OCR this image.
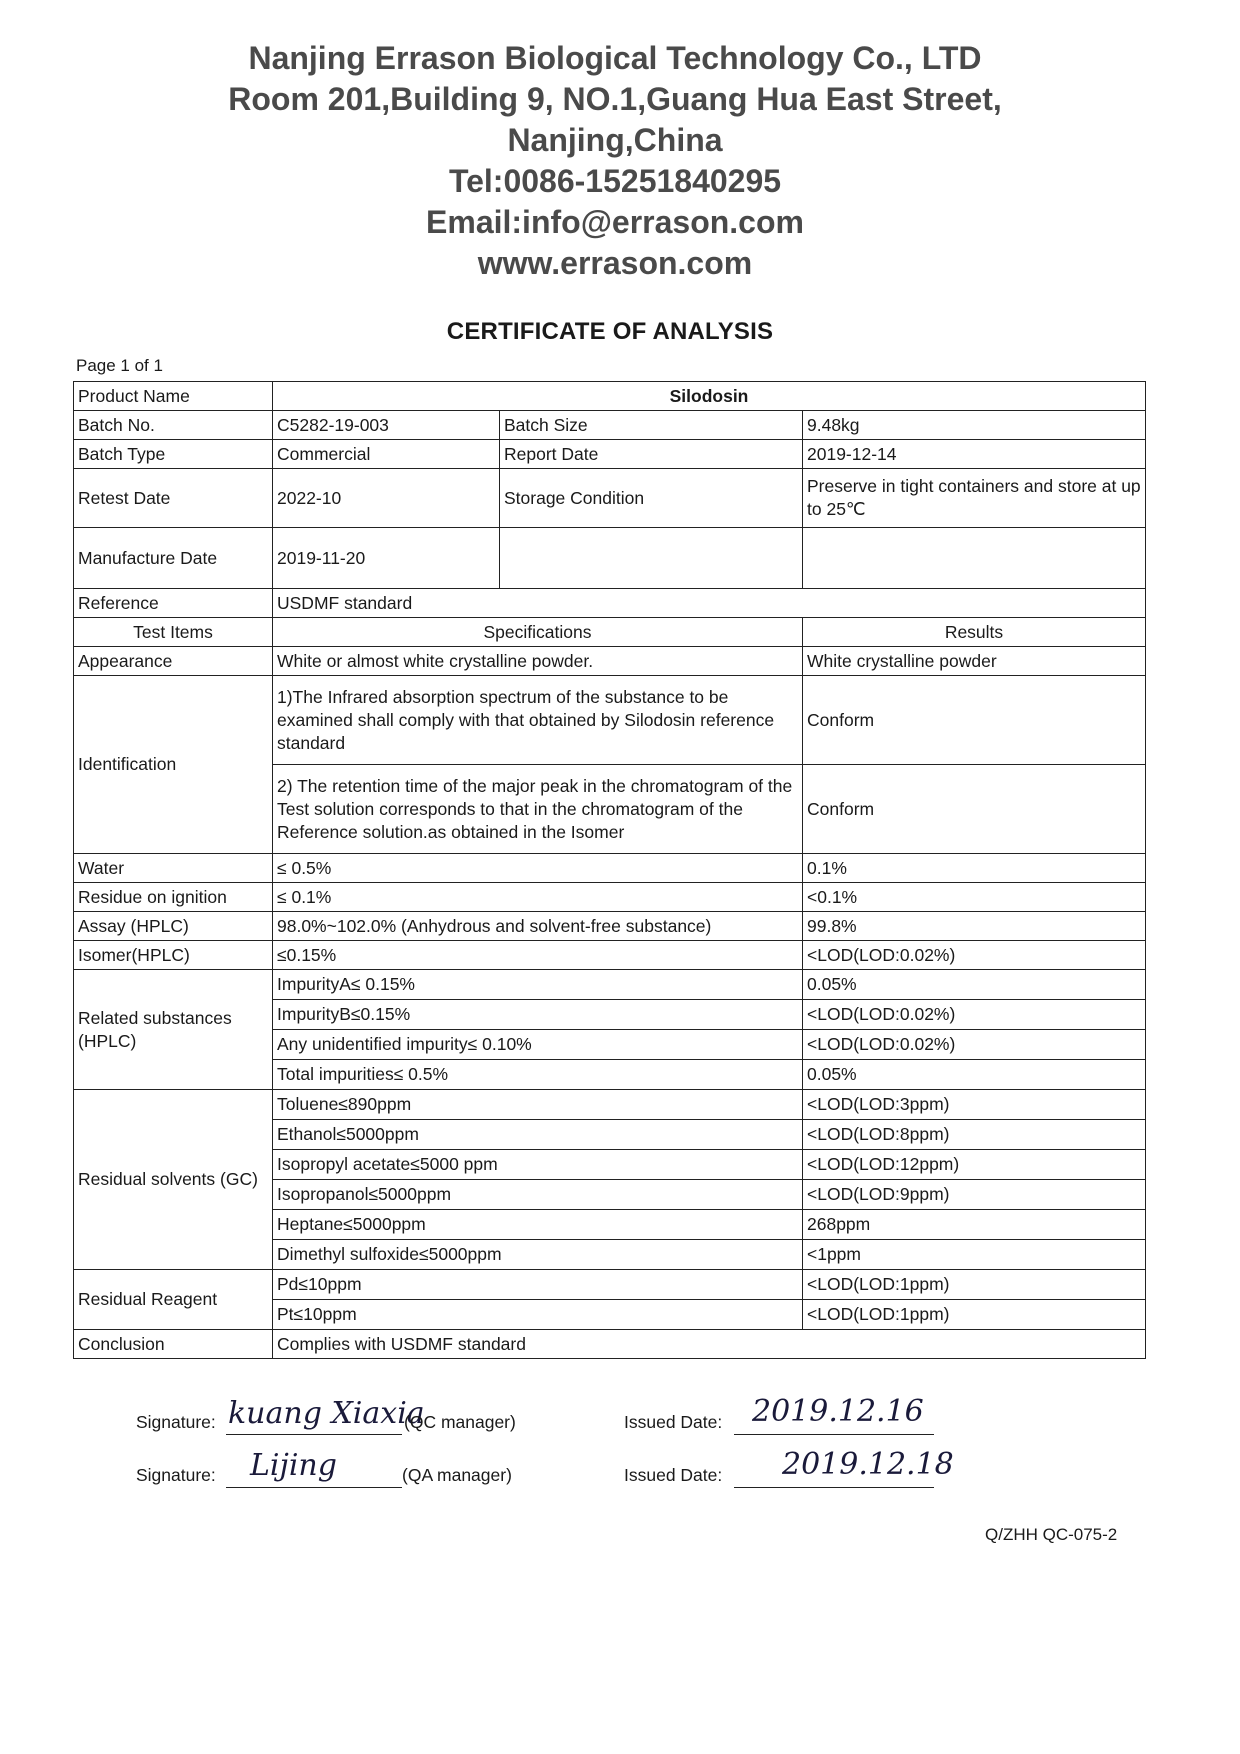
Nanjing Errason Biological Technology Co., LTD
Room 201,Building 9, NO.1,Guang Hua East Street,
Nanjing,China
Tel:0086-15251840295
Email:info@errason.com
www.errason.com
CERTIFICATE OF ANALYSIS
Page 1 of 1
Product Name	Silodosin		
Batch No.	C5282-19-003	Batch Size	9.48kg
Batch Type	Commercial	Report Date	2019-12-14
Retest Date	2022-10	Storage Condition	Preserve in tight containers and store at up to 25℃
Manufacture Date	2019-11-20		
Reference	USDMF standard		
Test Items	Specifications		Results
Appearance	White or almost white crystalline powder.		White crystalline powder
Identification	1)The Infrared absorption spectrum of the substance to be examined shall comply with that obtained by Silodosin reference standard		Conform
	2) The retention time of the major peak in the chromatogram of the Test solution corresponds to that in the chromatogram of the Reference solution.as obtained in the Isomer		Conform
Water	≤ 0.5%		0.1%
Residue on ignition	≤ 0.1%		<0.1%
Assay (HPLC)	98.0%~102.0% (Anhydrous and solvent-free substance)		99.8%
Isomer(HPLC)	≤0.15%		<LOD(LOD:0.02%)
Related substances (HPLC)	ImpurityA≤ 0.15%		0.05%
	ImpurityB≤0.15%		<LOD(LOD:0.02%)
	Any unidentified impurity≤ 0.10%		<LOD(LOD:0.02%)
	Total impurities≤ 0.5%		0.05%
Residual solvents (GC)	Toluene≤890ppm		<LOD(LOD:3ppm)
	Ethanol≤5000ppm		<LOD(LOD:8ppm)
	Isopropyl acetate≤5000 ppm		<LOD(LOD:12ppm)
	Isopropanol≤5000ppm		<LOD(LOD:9ppm)
	Heptane≤5000ppm		268ppm
	Dimethyl sulfoxide≤5000ppm		<1ppm
Residual Reagent	Pd≤10ppm		<LOD(LOD:1ppm)
	Pt≤10ppm		<LOD(LOD:1ppm)
Conclusion	Complies with USDMF standard		
Signature: kuang Xiaxia
(QC manager)	Issued Date: 2019.12.16
Signature: Lijing	(QA manager)	Issued Date: 2019.12.18
Q/ZHH QC-075-2
